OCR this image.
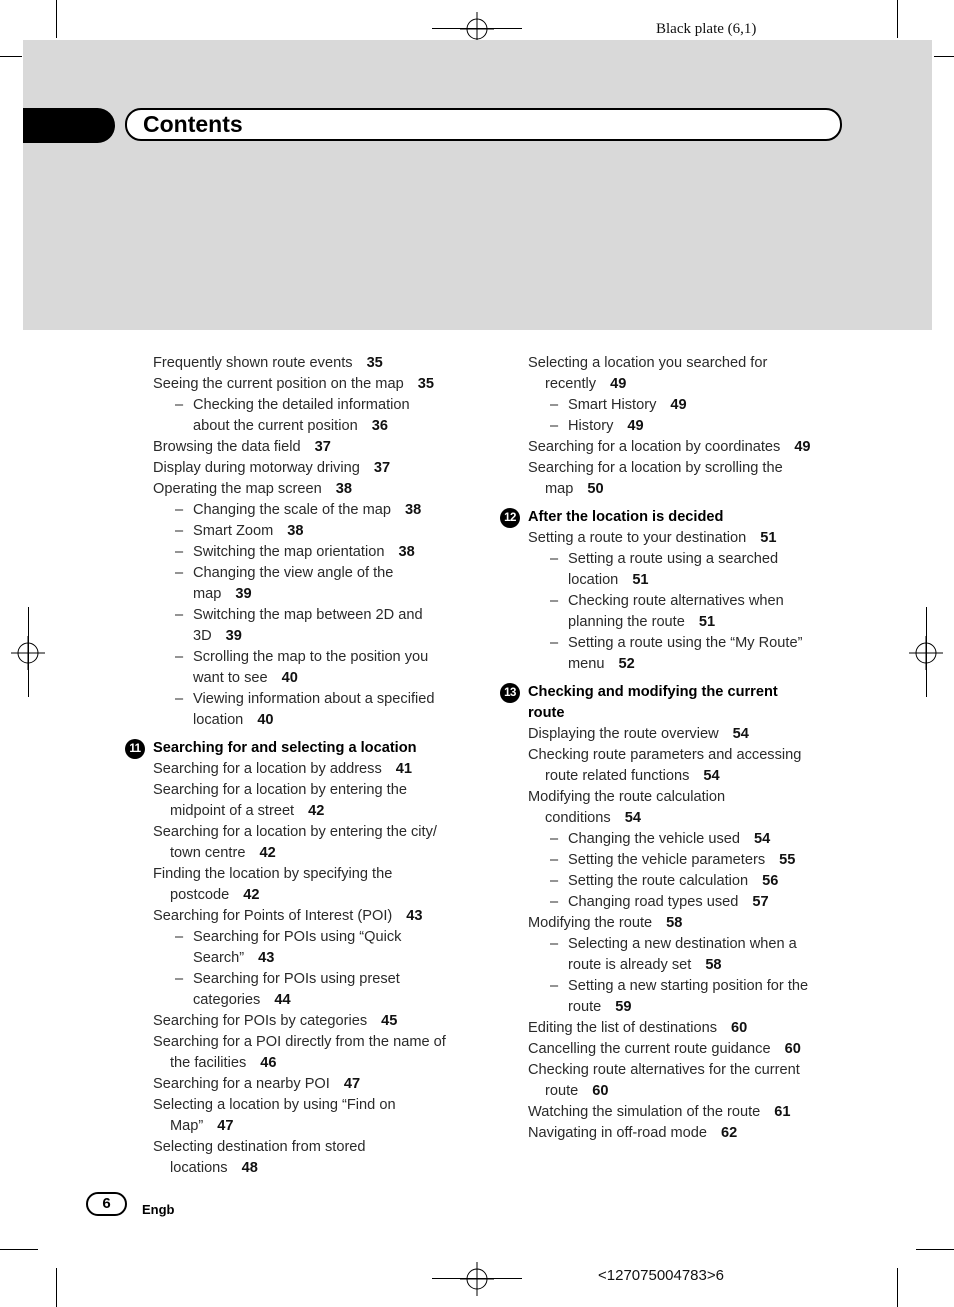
Black plate (6,1)
Contents
Frequently shown route events 35
Seeing the current position on the map 35
– Checking the detailed information
about the current position 36
Browsing the data field 37
Display during motorway driving 37
Operating the map screen 38
– Changing the scale of the map 38
– Smart Zoom 38
– Switching the map orientation 38
– Changing the view angle of the
map 39
– Switching the map between 2D and
3D 39
– Scrolling the map to the position you
want to see 40
– Viewing information about a specified
location 40
11 Searching for and selecting a location
Searching for a location by address 41
Searching for a location by entering the
midpoint of a street 42
Searching for a location by entering the city/
town centre 42
Finding the location by specifying the
postcode 42
Searching for Points of Interest (POI) 43
– Searching for POIs using “Quick
Search” 43
– Searching for POIs using preset
categories 44
Searching for POIs by categories 45
Searching for a POI directly from the name of
the facilities 46
Searching for a nearby POI 47
Selecting a location by using “Find on
Map” 47
Selecting destination from stored
locations 48
Selecting a location you searched for
recently 49
– Smart History 49
– History 49
Searching for a location by coordinates 49
Searching for a location by scrolling the
map 50
12 After the location is decided
Setting a route to your destination 51
– Setting a route using a searched
location 51
– Checking route alternatives when
planning the route 51
– Setting a route using the “My Route”
menu 52
13 Checking and modifying the current
route
Displaying the route overview 54
Checking route parameters and accessing
route related functions 54
Modifying the route calculation
conditions 54
– Changing the vehicle used 54
– Setting the vehicle parameters 55
– Setting the route calculation 56
– Changing road types used 57
Modifying the route 58
– Selecting a new destination when a
route is already set 58
– Setting a new starting position for the
route 59
Editing the list of destinations 60
Cancelling the current route guidance 60
Checking route alternatives for the current
route 60
Watching the simulation of the route 61
Navigating in off-road mode 62
6	Engb
<127075004783>6
